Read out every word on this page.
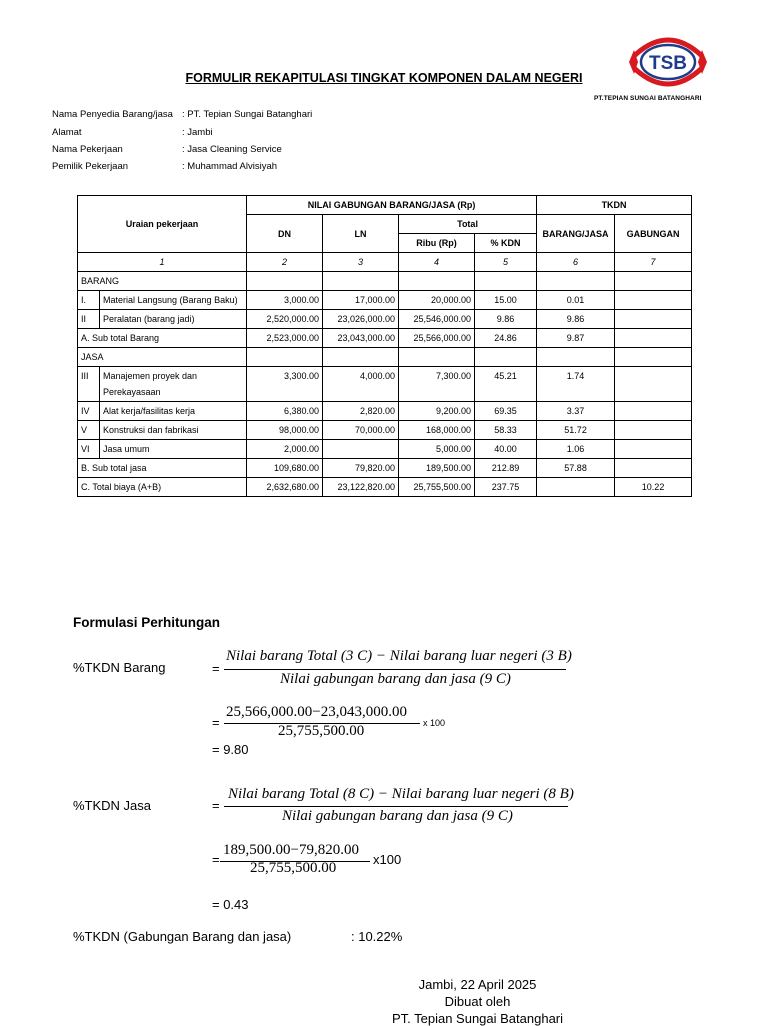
TSB
PT.TEPIAN SUNGAI BATANGHARI
FORMULIR REKAPITULASI TINGKAT KOMPONEN DALAM NEGERI
Nama Penyedia Barang/jasa : PT. Tepian Sungai Batanghari
Alamat	: Jambi
Nama Pekerjaan	: Jasa Cleaning Service
Pemilik Pekerjaan	: Muhammad Alvisiyah
Uraian pekerjaan		NILAI GABUNGAN BARANG/JASA (Rp)				TKDN	
		DN	LN	Total		BARANG/JASA	GABUNGAN
				Ribu (Rp)	% KDN		
1		2	3	4	5	6	7
BARANG							
I.	Material Langsung (Barang Baku)	3,000.00	17,000.00	20,000.00	15.00	0.01	
II	Peralatan (barang jadi)	2,520,000.00	23,026,000.00	25,546,000.00	9.86	9.86	
A. Sub total Barang		2,523,000.00	23,043,000.00	25,566,000.00	24.86	9.87	
JASA							
III	Manajemen proyek dan Perekayasaan	3,300.00	4,000.00	7,300.00	45.21	1.74	
IV	Alat kerja/fasilitas kerja	6,380.00	2,820.00	9,200.00	69.35	3.37	
V	Konstruksi dan fabrikasi	98,000.00	70,000.00	168,000.00	58.33	51.72	
VI	Jasa umum	2,000.00		5,000.00	40.00	1.06	
B. Sub total jasa		109,680.00	79,820.00	189,500.00	212.89	57.88	
C. Total biaya (A+B)		2,632,680.00	23,122,820.00	25,755,500.00	237.75		10.22
Formulasi Perhitungan
%TKDN Barang	=
Nilai barang Total (3 C) − Nilai barang luar negeri (3 B)
Nilai gabungan barang dan jasa (9 C)
=
25,566,000.00−23,043,000.00
25,755,500.00	x 100
= 9.80
%TKDN Jasa	=
Nilai barang Total (8 C) − Nilai barang luar negeri (8 B)
Nilai gabungan barang dan jasa (9 C)
=
189,500.00−79,820.00
25,755,500.00
x100
= 0.43
%TKDN (Gabungan Barang dan jasa)	: 10.22%
Jambi, 22 April 2025
Dibuat oleh
PT. Tepian Sungai Batanghari
